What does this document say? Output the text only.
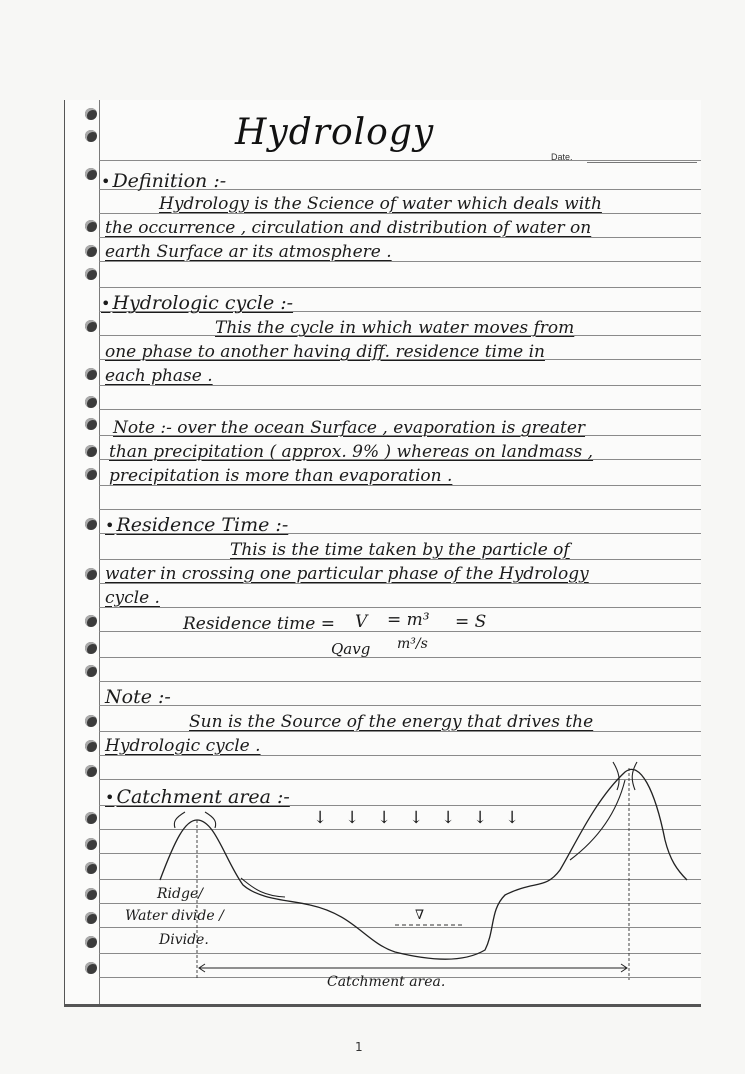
Hydrology
Date.
• Definition :-
Hydrology is the Science of water which deals with
the occurrence , circulation and distribution of water on
earth Surface ar its atmosphere .
• Hydrologic cycle :-
This the cycle in which water moves from
one phase to another having diff. residence time in
each phase .
Note :- over the ocean Surface , evaporation is greater
than precipitation ( approx. 9% ) whereas on landmass ,
precipitation is more than evaporation .
• Residence Time :-
This is the time taken by the particle of
water in crossing one particular phase of the Hydrology
cycle .
Residence time = V = m³ = S
Qavg m³/s
Note :-
Sun is the Source of the energy that drives the
Hydrologic cycle .
• Catchment area :-
↓ ↓ ↓ ↓ ↓ ↓ ↓
Ridge/
Water divide /
Divide.
∇
Catchment area.
1
